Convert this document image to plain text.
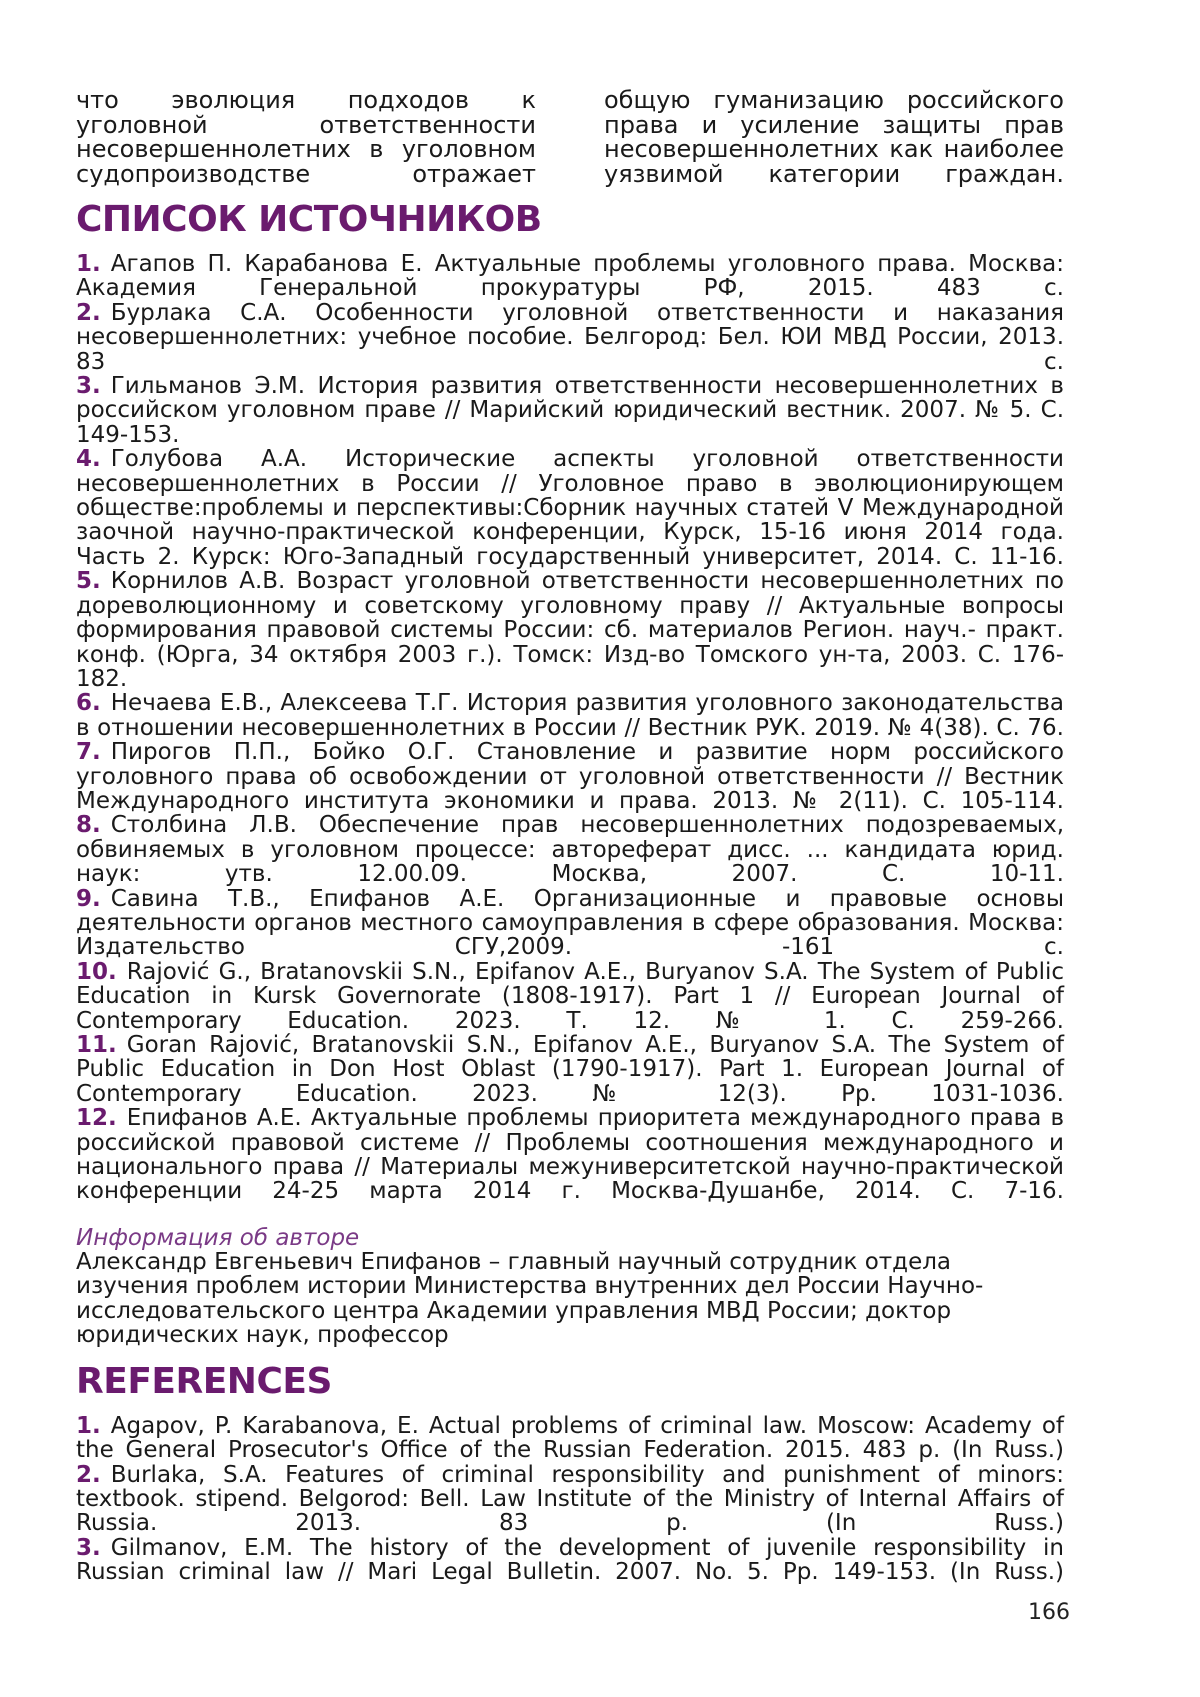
что эволюция подходов к уголовной ответственности несовершеннолетних в уголовном судопроизводстве отражает
общую гуманизацию российского права и усиление защиты прав несовершеннолетних как наиболее уязвимой категории граждан.
СПИСОК ИСТОЧНИКОВ
1. Агапов П. Карабанова Е. Актуальные проблемы уголовного права. Москва: Академия Генеральной прокуратуры РФ, 2015. 483 с.
2. Бурлака С.А. Особенности уголовной ответственности и наказания несовершеннолетних: учебное пособие. Белгород: Бел. ЮИ МВД России, 2013. 83 с.
3. Гильманов Э.М. История развития ответственности несовершеннолетних в российском уголовном праве // Марийский юридический вестник. 2007. № 5. С. 149-153.
4. Голубова А.А. Исторические аспекты уголовной ответственности несовершеннолетних в России // Уголовное право в эволюционирующем обществе:проблемы и перспективы:Сборник научных статей V Международной заочной научно-практической конференции, Курск, 15-16 июня 2014 года. Часть 2. Курск: Юго-Западный государственный университет, 2014. С. 11-16.
5. Корнилов А.В. Возраст уголовной ответственности несовершеннолетних по дореволюционному и советскому уголовному праву // Актуальные вопросы формирования правовой системы России: сб. материалов Регион. науч.- практ. конф. (Юрга, 34 октября 2003 г.). Томск: Изд-во Томского ун-та, 2003. С. 176-182.
6. Нечаева Е.В., Алексеева Т.Г. История развития уголовного законодательства в отношении несовершеннолетних в России // Вестник РУК. 2019. № 4(38). С. 76.
7. Пирогов П.П., Бойко О.Г. Становление и развитие норм российского уголовного права об освобождении от уголовной ответственности // Вестник Международного института экономики и права. 2013. № 2(11). С. 105-114.
8. Столбина Л.В. Обеспечение прав несовершеннолетних подозреваемых, обвиняемых в уголовном процессе: автореферат дисс. ... кандидата юрид. наук: утв. 12.00.09. Москва, 2007. С. 10-11.
9. Савина Т.В., Епифанов А.Е. Организационные и правовые основы деятельности органов местного самоуправления в сфере образования. Москва: Издательство СГУ,2009. -161 с.
10. Rajović G., Bratanovskii S.N., Epifanov A.E., Buryanov S.A. The System of Public Education in Kursk Governorate (1808-1917). Part 1 // European Journal of Contemporary Education. 2023. Т. 12. № 1. С. 259-266.
11. Goran Rajović, Bratanovskii S.N., Epifanov A.E., Buryanov S.A. The System of Public Education in Don Host Oblast (1790-1917). Part 1. European Journal of Contemporary Education. 2023. № 12(3). Pp. 1031-1036.
12. Епифанов А.Е. Актуальные проблемы приоритета международного права в российской правовой системе // Проблемы соотношения международного и национального права // Материалы межуниверситетской научно-практической конференции 24-25 марта 2014 г. Москва-Душанбе, 2014. С. 7-16.
Информация об авторе
Александр Евгеньевич Епифанов – главный научный сотрудник отдела изучения проблем истории Министерства внутренних дел России Научно-исследовательского центра Академии управления МВД России; доктор юридических наук, профессор
REFERENCES
1. Agapov, P. Karabanova, E. Actual problems of criminal law. Moscow: Academy of the General Prosecutor's Office of the Russian Federation. 2015. 483 p. (In Russ.)
2. Burlaka, S.A. Features of criminal responsibility and punishment of minors: textbook. stipend. Belgorod: Bell. Law Institute of the Ministry of Internal Affairs of Russia. 2013. 83 p. (In Russ.)
3. Gilmanov, E.M. The history of the development of juvenile responsibility in Russian criminal law // Mari Legal Bulletin. 2007. No. 5. Pp. 149-153. (In Russ.)
166
